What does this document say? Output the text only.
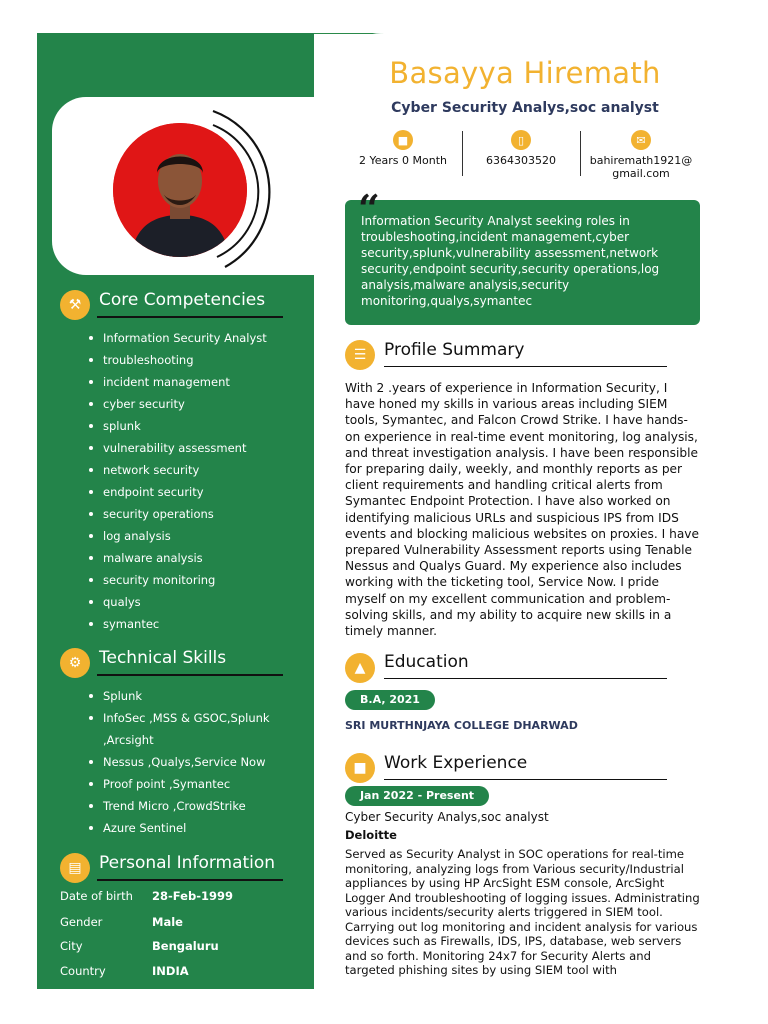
Basayya Hiremath
Cyber Security Analys,soc analyst
■
2 Years 0 Month
▯
6364303520
✉
bahiremath1921@
gmail.com
“
Information Security Analyst seeking roles in troubleshooting,incident management,cyber security,splunk,vulnerability assessment,network security,endpoint security,security operations,log analysis,malware analysis,security monitoring,qualys,symantec
⚒	Core Competencies
Information Security Analyst
troubleshooting
incident management
cyber security
splunk
vulnerability assessment
network security
endpoint security
security operations
log analysis
malware analysis
security monitoring
qualys
symantec
⚙	Technical Skills
Splunk
InfoSec ,MSS & GSOC,Splunk
,Arcsight
Nessus ,Qualys,Service Now
Proof point ,Symantec
Trend Micro ,CrowdStrike
Azure Sentinel
▤	Personal Information
Date of birth 28-Feb-1999
Gender	Male
City	Bengaluru
Country	INDIA
☰	Profile Summary
With 2 .years of experience in Information Security, I have honed my skills in various areas including SIEM tools, Symantec, and Falcon Crowd Strike. I have hands-on experience in real-time event monitoring, log analysis, and threat investigation analysis. I have been responsible for preparing daily, weekly, and monthly reports as per client requirements and handling critical alerts from Symantec Endpoint Protection. I have also worked on identifying malicious URLs and suspicious IPS from IDS events and blocking malicious websites on proxies. I have prepared Vulnerability Assessment reports using Tenable Nessus and Qualys Guard. My experience also includes working with the ticketing tool, Service Now. I pride myself on my excellent communication and problem-solving skills, and my ability to acquire new skills in a timely manner.
▲	Education
B.A, 2021
SRI MURTHNJAYA COLLEGE DHARWAD
■	Work Experience
Jan 2022 - Present
Cyber Security Analys,soc analyst
Deloitte
Served as Security Analyst in SOC operations for real-time monitoring, analyzing logs from Various security/Industrial appliances by using HP ArcSight ESM console, ArcSight Logger And troubleshooting of logging issues. Administrating various incidents/security alerts triggered in SIEM tool. Carrying out log monitoring and incident analysis for various devices such as Firewalls, IDS, IPS, database, web servers and so forth. Monitoring 24x7 for Security Alerts and targeted phishing sites by using SIEM tool with
